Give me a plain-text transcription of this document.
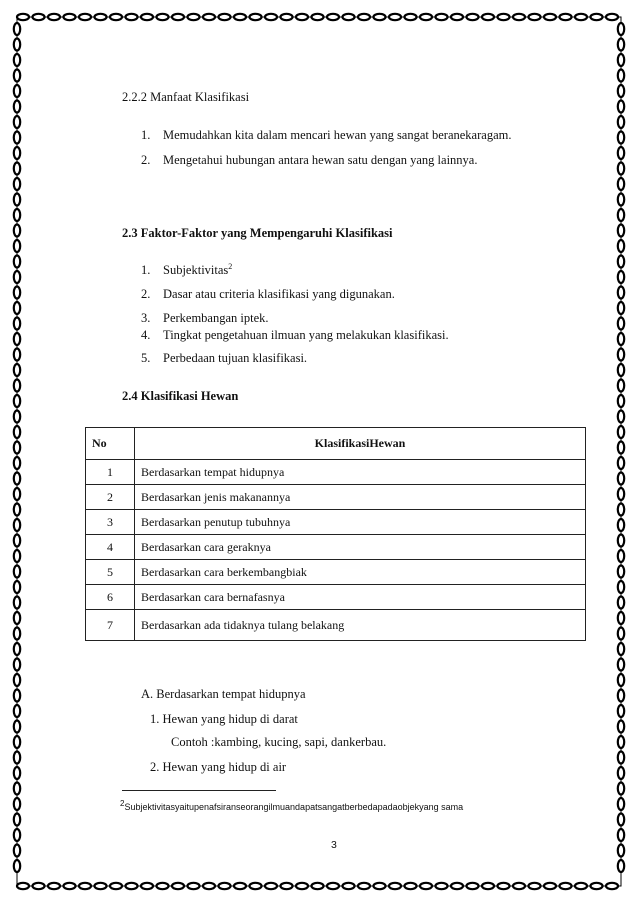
2.2.2 Manfaat Klasifikasi
1. Memudahkan kita dalam mencari hewan yang sangat beranekaragam.
2. Mengetahui hubungan antara hewan satu dengan yang lainnya.
2.3 Faktor-Faktor yang Mempengaruhi Klasifikasi
1. Subjektivitas$^2$
2. Dasar atau criteria klasifikasi yang digunakan.
3. Perkembangan iptek.
4. Tingkat pengetahuan ilmuan yang melakukan klasifikasi.
5. Perbedaan tujuan klasifikasi.
2.4 Klasifikasi Hewan
No	KlasifikasiHewan
1	Berdasarkan tempat hidupnya
2	Berdasarkan jenis makanannya
3	Berdasarkan penutup tubuhnya
4	Berdasarkan cara geraknya
5	Berdasarkan cara berkembangbiak
6	Berdasarkan cara bernafasnya
7	Berdasarkan ada tidaknya tulang belakang
A. Berdasarkan tempat hidupnya
1. Hewan yang hidup di darat
Contoh :kambing, kucing, sapi, dankerbau.
2. Hewan yang hidup di air
$^2$Subjektivitasyaitupenafsiranseorangilmuandapatsangatberbedapadaobjekyang sama
3
